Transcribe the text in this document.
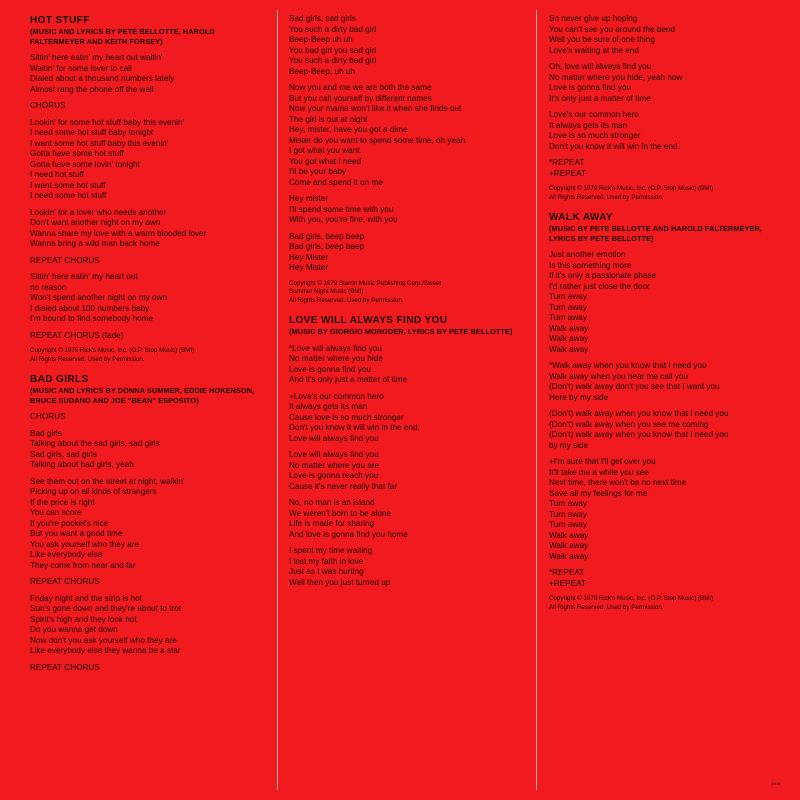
HOT STUFF
(MUSIC AND LYRICS BY PETE BELLOTTE, HAROLD FALTERMEYER AND KEITH FORSEY)
Sittin' here eatin' my heart out waitin'
Waitin' for some lover to call
Dialed about a thousand numbers lately
Almost rang the phone off the wall
CHORUS
Lookin' for some hot stuff baby this evenin'
I need some hot stuff baby tonight
I want some hot stuff baby this evenin'
Gotta have some hot stuff
Gotta have some lovin' tonight
I need hot stuff
I want some hot stuff
I need some hot stuff
Lookin' for a lover who needs another
Don't want another night on my own
Wanna share my love with a warm blooded lover
Wanna bring a wild man back home
REPEAT CHORUS
Sittin' here eatin' my heart out
no reason
Won't spend another night on my own
I dialed about 100 numbers baby
I'm bound to find somebody home
REPEAT CHORUS (fade)
Copyright © 1979 Rick's Music, Inc. (O.P. Stop Music) (BMI)
All Rights Reserved. Used by Permission.
BAD GIRLS
(MUSIC AND LYRICS BY DONNA SUMMER, EDDIE HOKENSON, BRUCE SUDANO AND JOE "BEAN" ESPOSITO)
CHORUS
Bad girls
Talking about the sad girls, sad girls
Sad girls, sad girls
Talking about bad girls, yeah
See them out on the street at night, walkin'
Picking up on all kinds of strangers
If the price is right
You can score
If you're pocket's nice
But you want a good time
You ask yourself who they are
Like everybody else
They come from near and far
REPEAT CHORUS
Friday night and the strip is hot
Sun's gone down and they're about to trot
Spirit's high and they look hot
Do you wanna get down
Now don't you ask yourself who they are
Like everybody else they wanna be a star
REPEAT CHORUS
Sad girls, sad girls
You such a dirty bad girl
Beep-Beep uh uh
You bad girl you sad girl
You such a dirty bad girl
Beep-Beep, uh uh
Now you and me we are both the same
But you call yourself by different names
Now your mama won't like it when she finds out
The girl is out at night
Hey, mister, have you got a dime
Mister do you want to spend some time, oh yeah
I got what you want.
You got what I need
I'll be your baby
Come and spend it on me
Hey mister
I'll spend some time with you
With you, you're fine, with you
Bad girls, beep beep
Bad girls, beep beep
Hey Mister
Hey Mister
Copyright © 1979 Starrin Music Publishing Corp./Sweet
Summer Night Music (BMI)
All Rights Reserved. Used by Permission.
LOVE WILL ALWAYS FIND YOU
(MUSIC BY GIORGIO MORODER, LYRICS BY PETE BELLOTTE)
*Love will always find you
No matter where you hide
Love is gonna find you
And it's only just a matter of time
+Love's our common hero
It always gets its man
Cause love is so much stronger
Don't you know it will win in the end,
Love will always find you
Love will always find you
No matter where you are
Love is gonna reach you
Cause it's never really that far
No, no man is an island
We weren't born to be alone
Life is made for sharing
And love is gonna find you home
I spent my time waiting
I lost my faith in love
Just as I was hurting
Well then you just turned up
So never give up hoping
You can't see you around the bend
Well you be sure of one thing
Love's waiting at the end
Oh, love will always find you
No matter where you hide, yeah now
Love is gonna find you
It's only just a matter of time
Love's our common hero
It always gets its man
Love is so much stronger
Don't you know it will win in the end.
*REPEAT
+REPEAT
Copyright © 1979 Rick's Music, Inc. (O.P. Stop Music) (BMI)
All Rights Reserved. Used by Permission.
WALK AWAY
(MUSIC BY PETE BELLOTTE AND HAROLD FALTERMEYER, LYRICS BY PETE BELLOTTE)
Just another emotion
Is this something more
If it's only a passionate phase
I'd rather just close the door
Turn away
Turn away
Turn away
Walk away
Walk away
Walk away
*Walk away when you know that I need you
Walk away when you hear me call you
(Don't) walk away don't you see that I want you
Here by my side
(Don't) walk away when you know that I need you
(Don't) walk away when you see me coming
(Don't) walk away when you know that I need you
by my side
+I'm sure that I'll get over you
It'll take me a while you see
Next time, there won't be no next time
Save all my feelings for me
Turn away
Turn away
Turn away
Walk away
Walk away
Walk away
*REPEAT
+REPEAT
Copyright © 1979 Rick's Music, Inc. (O.P. Stop Music) (BMI)
All Rights Reserved. Used by Permission.
2508
